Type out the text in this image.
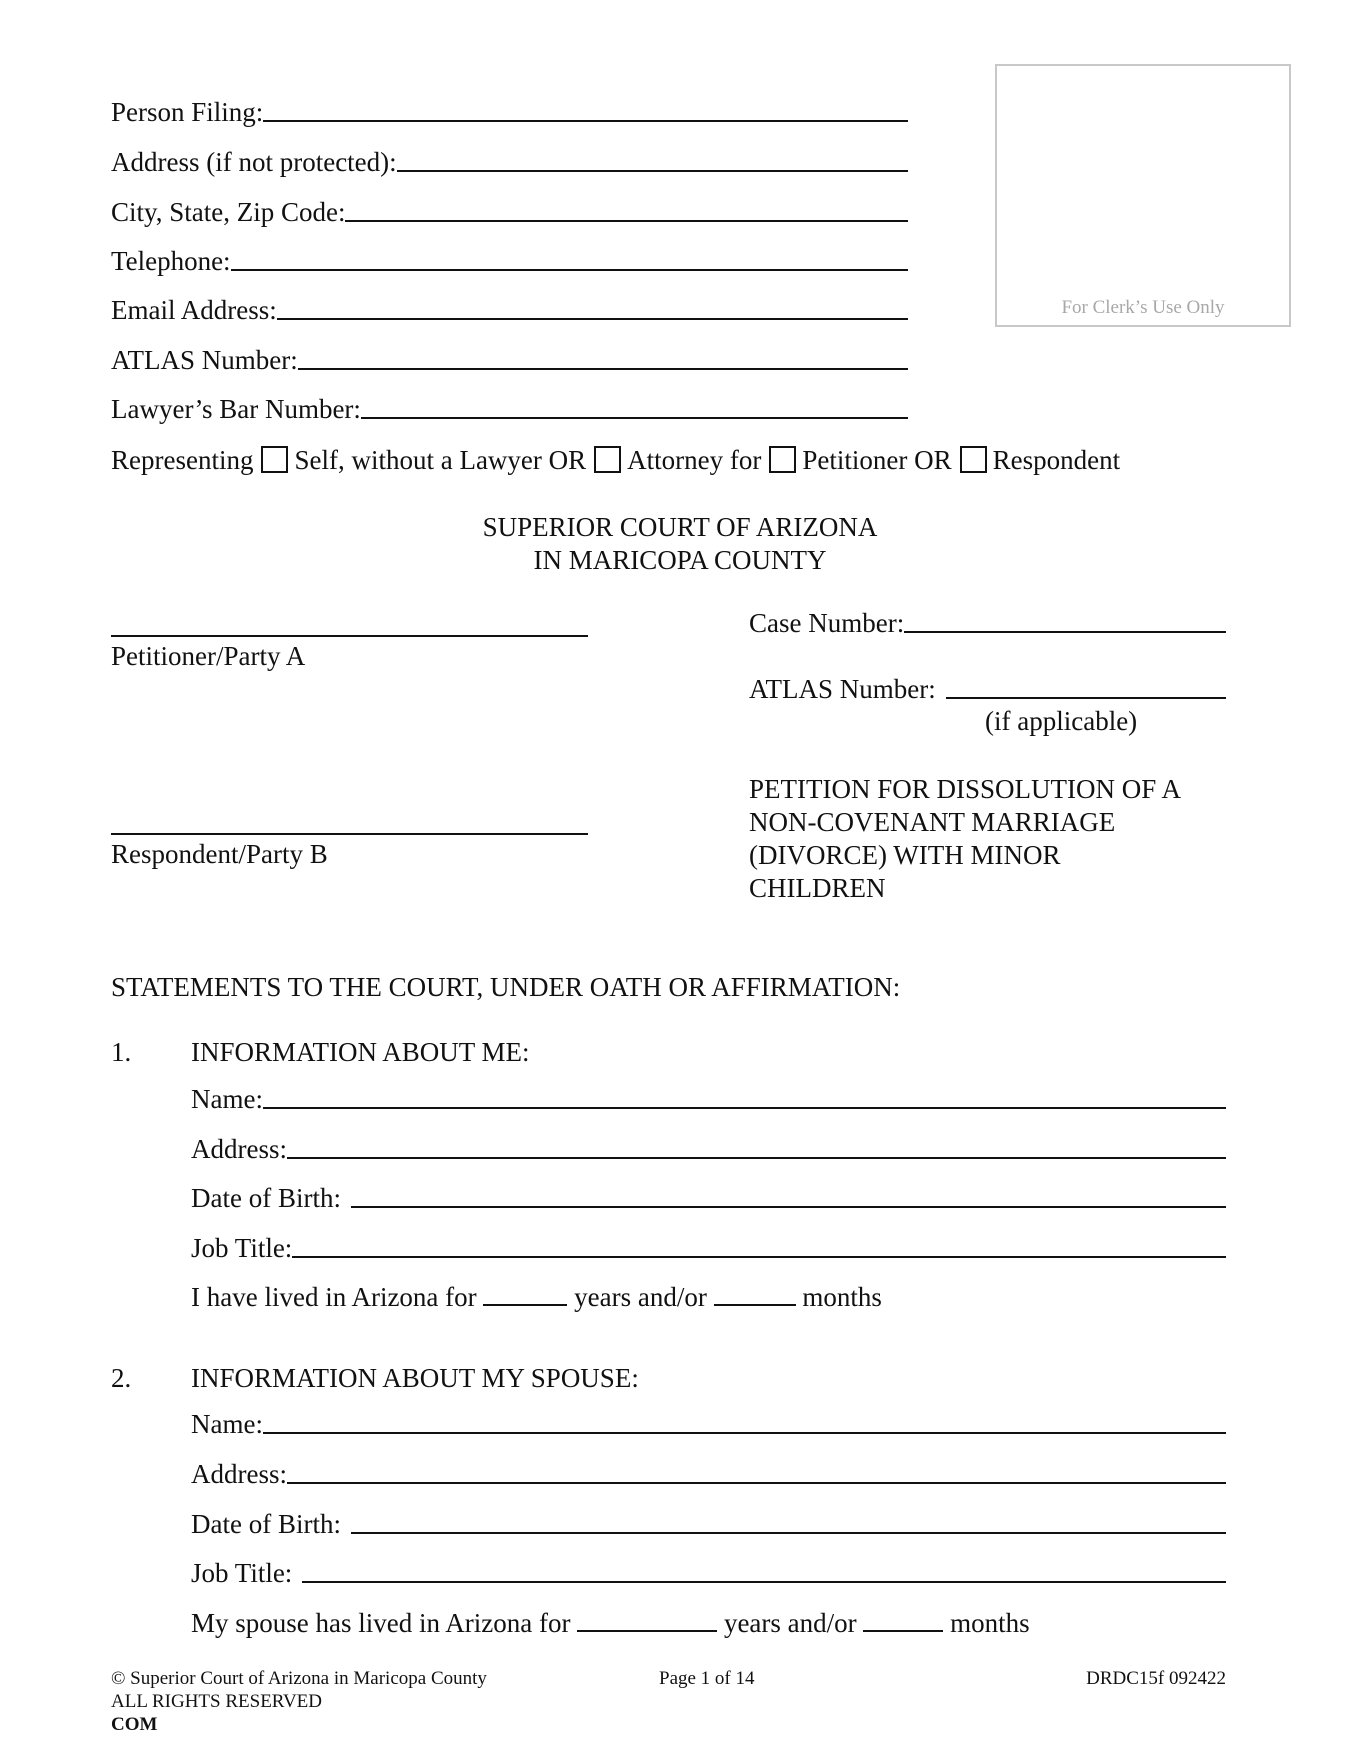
Person Filing:
Address (if not protected):
City, State, Zip Code:
Telephone:
Email Address:
ATLAS Number:
Lawyer’s Bar Number:
For Clerk’s Use Only
Representing Self, without a Lawyer OR Attorney for Petitioner OR Respondent
SUPERIOR COURT OF ARIZONA
IN MARICOPA COUNTY
Petitioner/Party A
Respondent/Party B
Case Number:
ATLAS Number:
(if applicable)
PETITION FOR DISSOLUTION OF A
NON-COVENANT MARRIAGE
(DIVORCE) WITH MINOR
CHILDREN
STATEMENTS TO THE COURT, UNDER OATH OR AFFIRMATION:
1. INFORMATION ABOUT ME:
Name:
Address:
Date of Birth:
Job Title:
I have lived in Arizona for	years and/or	months
2. INFORMATION ABOUT MY SPOUSE:
Name:
Address:
Date of Birth:
Job Title:
My spouse has lived in Arizona for	years and/or	months
© Superior Court of Arizona in Maricopa County
ALL RIGHTS RESERVED
COM
Page 1 of 14	DRDC15f 092422
